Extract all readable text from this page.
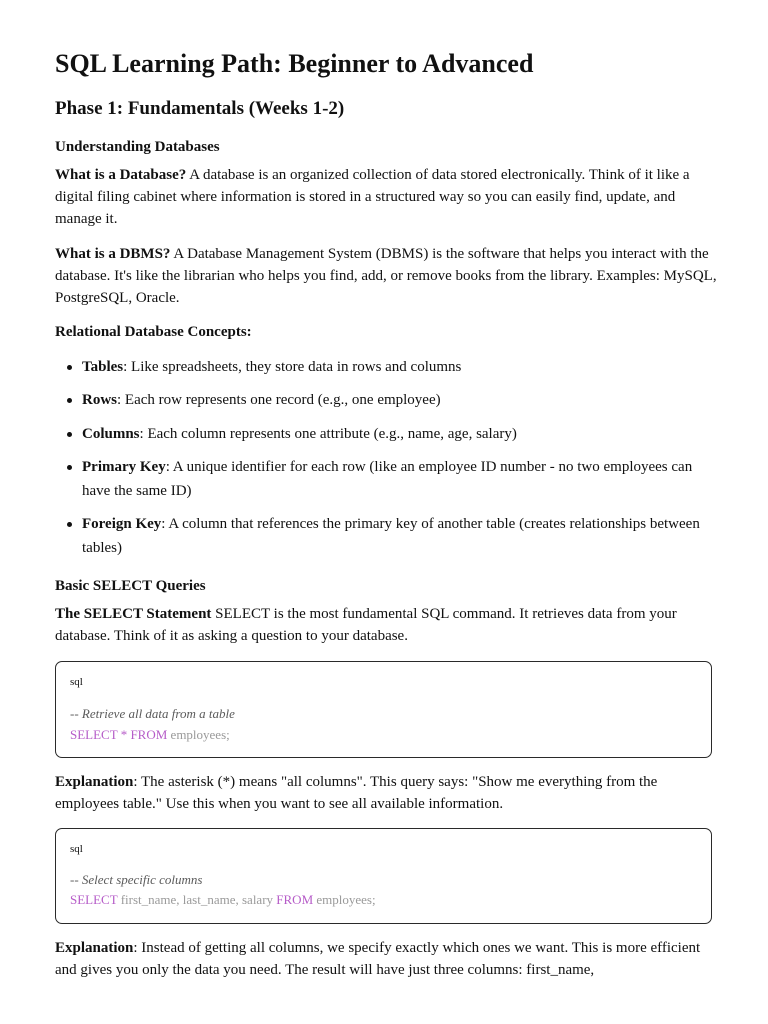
SQL Learning Path: Beginner to Advanced
Phase 1: Fundamentals (Weeks 1-2)
Understanding Databases

What is a Database? A database is an organized collection of data stored electronically. Think of it like a digital filing cabinet where information is stored in a structured way so you can easily find, update, and manage it.

What is a DBMS? A Database Management System (DBMS) is the software that helps you interact with the database. It's like the librarian who helps you find, add, or remove books from the library. Examples: MySQL, PostgreSQL, Oracle.

Relational Database Concepts:
Tables: Like spreadsheets, they store data in rows and columns
Rows: Each row represents one record (e.g., one employee)
Columns: Each column represents one attribute (e.g., name, age, salary)
Primary Key: A unique identifier for each row (like an employee ID number - no two employees can have the same ID)
Foreign Key: A column that references the primary key of another table (creates relationships between tables)
Basic SELECT Queries

The SELECT Statement SELECT is the most fundamental SQL command. It retrieves data from your database. Think of it as asking a question to your database.

sql
-- Retrieve all data from a table
SELECT * FROM employees;

Explanation: The asterisk (*) means "all columns". This query says: "Show me everything from the employees table." Use this when you want to see all available information.

sql
-- Select specific columns
SELECT first_name, last_name, salary FROM employees;

Explanation: Instead of getting all columns, we specify exactly which ones we want. This is more efficient and gives you only the data you need. The result will have just three columns: first_name,
